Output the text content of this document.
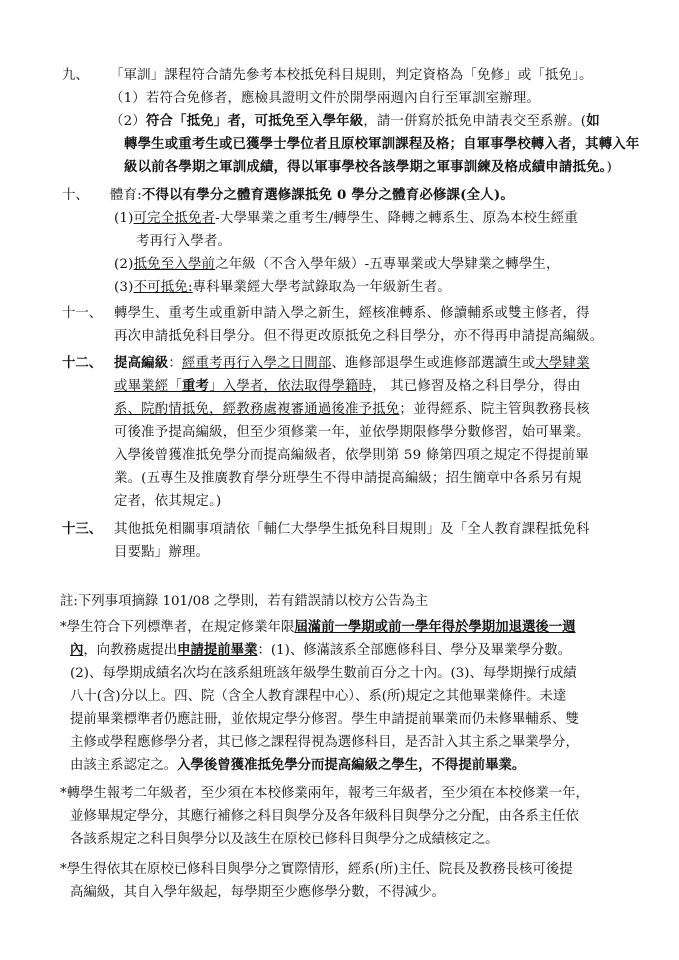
九、 「軍訓」課程符合請先參考本校抵免科目規則，判定資格為「免修」或「抵免」。

（1）若符合免修者，應檢具證明文件於開學兩週內自行至軍訓室辦理。

（2）符合「抵免」者，可抵免至入學年級，請一併寫於抵免申請表交至系辦。(如

轉學生或重考生或已獲學士學位者且原校軍訓課程及格；自軍事學校轉入者，其轉入年

級以前各學期之軍訓成績，得以軍事學校各該學期之軍事訓練及格成績申請抵免。)

十、 體育:不得以有學分之體育選修課抵免 0 學分之體育必修課(全人)。

(1)可完全抵免者-大學畢業之重考生/轉學生、降轉之轉系生、原為本校生經重

考再行入學者。

(2)抵免至入學前之年級（不含入學年級）-五專畢業或大學肄業之轉學生，

(3)不可抵免:專科畢業經大學考試錄取為一年級新生者。

十一、 轉學生、重考生或重新申請入學之新生，經核准轉系、修讀輔系或雙主修者，得

再次申請抵免科目學分。但不得更改原抵免之科目學分，亦不得再申請提高編級。

十二、 提高編級：經重考再行入學之日間部、進修部退學生或進修部選讀生或大學肄業

或畢業經「重考」入學者，依法取得學籍時， 其已修習及格之科目學分，得由

系、院酌情抵免，經教務處複審通過後准予抵免；並得經系、院主管與教務長核

可後准予提高編級，但至少須修業一年，並依學期限修學分數修習，始可畢業。

入學後曾獲准抵免學分而提高編級者，依學則第 59 條第四項之規定不得提前畢

業。(五專生及推廣教育學分班學生不得申請提高編級；招生簡章中各系另有規

定者，依其規定。)

十三、 其他抵免相關事項請依「輔仁大學學生抵免科目規則」及「全人教育課程抵免科

目要點」辦理。

註:下列事項摘錄 101/08 之學則，若有錯誤請以校方公告為主

*學生符合下列標準者，在規定修業年限屆滿前一學期或前一學年得於學期加退選後一週

內，向教務處提出申請提前畢業：(1)、修滿該系全部應修科目、學分及畢業學分數。

(2)、每學期成績名次均在該系組班該年級學生數前百分之十內。(3)、每學期操行成績

八十(含)分以上。四、院（含全人教育課程中心）、系(所)規定之其他畢業條件。未達

提前畢業標準者仍應註冊，並依規定學分修習。學生申請提前畢業而仍未修畢輔系、雙

主修或學程應修學分者，其已修之課程得視為選修科目，是否計入其主系之畢業學分，

由該主系認定之。入學後曾獲准抵免學分而提高編級之學生，不得提前畢業。

*轉學生報考二年級者，至少須在本校修業兩年，報考三年級者，至少須在本校修業一年，

並修畢規定學分，其應行補修之科目與學分及各年級科目與學分之分配，由各系主任依

各該系規定之科目與學分以及該生在原校已修科目與學分之成績核定之。

*學生得依其在原校已修科目與學分之實際情形，經系(所)主任、院長及教務長核可後提

高編級，其自入學年級起，每學期至少應修學分數，不得減少。
